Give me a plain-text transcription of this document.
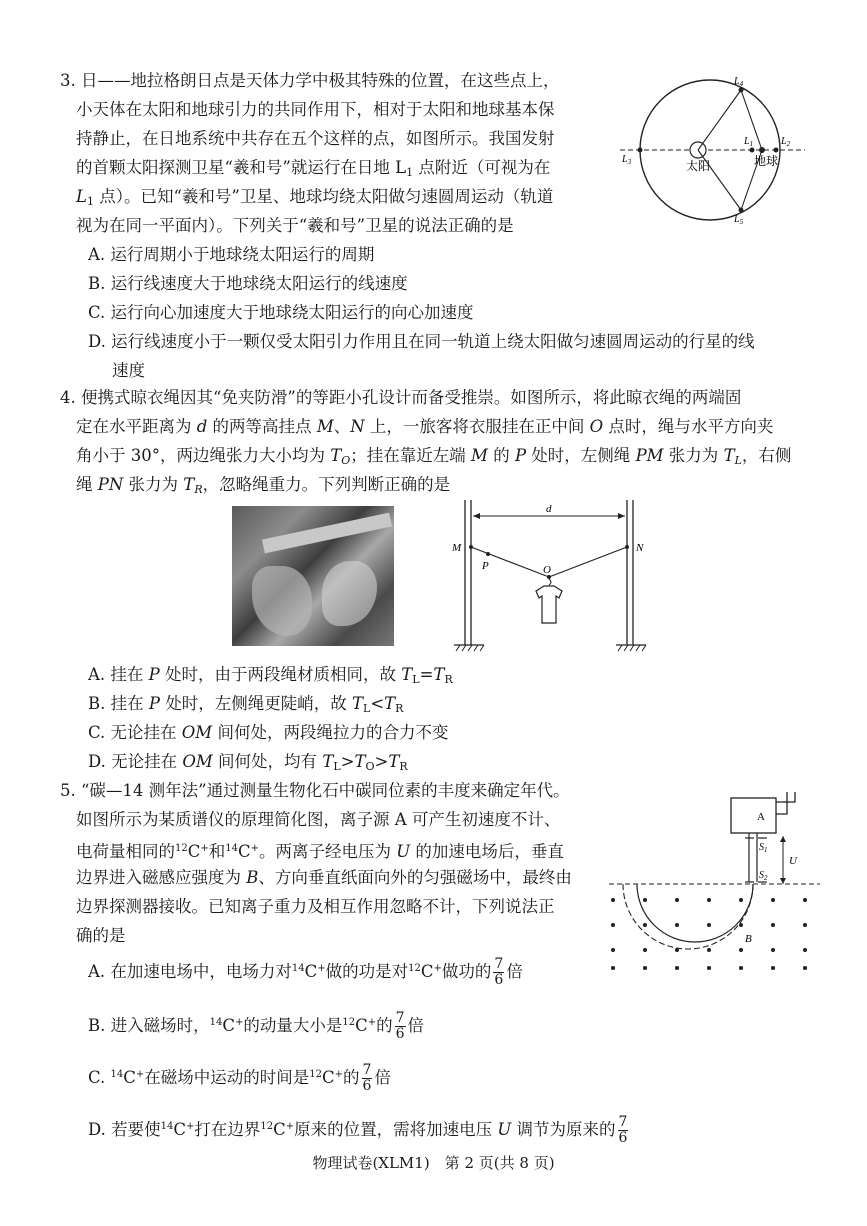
3. 日——地拉格朗日点是天体力学中极其特殊的位置，在这些点上，
小天体在太阳和地球引力的共同作用下，相对于太阳和地球基本保
持静止，在日地系统中共存在五个这样的点，如图所示。我国发射
的首颗太阳探测卫星“羲和号”就运行在日地 $L_1$ 点附近（可视为在
$L_1$ 点）。已知“羲和号”卫星、地球均绕太阳做匀速圆周运动（轨道
视为在同一平面内）。下列关于“羲和号”卫星的说法正确的是
A. 运行周期小于地球绕太阳运行的周期
B. 运行线速度大于地球绕太阳运行的线速度
C. 运行向心加速度大于地球绕太阳运行的向心加速度
D. 运行线速度小于一颗仅受太阳引力作用且在同一轨道上绕太阳做匀速圆周运动的行星的线
速度
$L_4$
$L_5$
$L_1$	$L_2$
$L_3$	太阳	地球
4. 便携式晾衣绳因其“免夹防滑”的等距小孔设计而备受推崇。如图所示，将此晾衣绳的两端固
定在水平距离为 d 的两等高挂点 M、N 上，一旅客将衣服挂在正中间 O 点时，绳与水平方向夹
角小于 30°，两边绳张力大小均为 $T_O$；挂在靠近左端 M 的 P 处时，左侧绳 PM 张力为 $T_L$，右侧
绳 PN 张力为 $T_R$，忽略绳重力。下列判断正确的是
d
M	N
P	O
A. 挂在 P 处时，由于两段绳材质相同，故 $T_L=T_R$
B. 挂在 P 处时，左侧绳更陡峭，故 $T_L<T_R$
C. 无论挂在 OM 间何处，两段绳拉力的合力不变
D. 无论挂在 OM 间何处，均有 $T_L>T_O>T_R$
5. “碳—14 测年法”通过测量生物化石中碳同位素的丰度来确定年代。
如图所示为某质谱仪的原理简化图，离子源 A 可产生初速度不计、
电荷量相同的$^{12}$C+和$^{14}$C+。两离子经电压为 U 的加速电场后，垂直
边界进入磁感应强度为 B、方向垂直纸面向外的匀强磁场中，最终由
边界探测器接收。已知离子重力及相互作用忽略不计，下列说法正
确的是
A
$S_1$
$S_2$
U
B
A. 在加速电场中，电场力对$^{14}$C+做的功是对$^{12}$C+做功的 $\frac{7}{6}$ 倍
B. 进入磁场时，$^{14}$C+的动量大小是$^{12}$C+的 $\frac{7}{6}$ 倍
C. $^{14}$C+在磁场中运动的时间是$^{12}$C+的 $\frac{7}{6}$ 倍
D. 若要使$^{14}$C+打在边界$^{12}$C+原来的位置，需将加速电压 U 调节为原来的 $\frac{7}{6}$
物理试卷(XLM1)　第 2 页(共 8 页)
